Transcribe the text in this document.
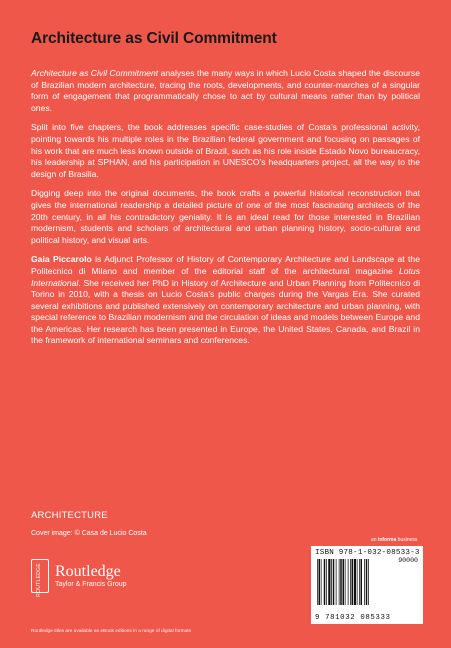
Architecture as Civil Commitment

Architecture as Civil Commitment analyses the many ways in which Lucio Costa shaped the discourse of Brazilian modern architecture, tracing the roots, developments, and counter-marches of a singular form of engagement that programmatically chose to act by cultural means rather than by political ones.

Split into five chapters, the book addresses specific case-studies of Costa’s professional activity, pointing towards his multiple roles in the Brazilian federal government and focusing on passages of his work that are much less known outside of Brazil, such as his role inside Estado Novo bureaucracy, his leadership at SPHAN, and his participation in UNESCO’s headquarters project, all the way to the design of Brasilia.

Digging deep into the original documents, the book crafts a powerful historical reconstruction that gives the international readership a detailed picture of one of the most fascinating architects of the 20th century, in all his contradictory geniality. It is an ideal read for those interested in Brazilian modernism, students and scholars of architectural and urban planning history, socio-cultural and political history, and visual arts.

Gaia Piccarolo is Adjunct Professor of History of Contemporary Architecture and Landscape at the Politecnico di Milano and member of the editorial staff of the architectural magazine Lotus International. She received her PhD in History of Architecture and Urban Planning from Politecnico di Torino in 2010, with a thesis on Lucio Costa’s public charges during the Vargas Era. She curated several exhibitions and published extensively on contemporary architecture and urban planning, with special reference to Brazilian modernism and the circulation of ideas and models between Europe and the Americas. Her research has been presented in Europe, the United States, Canada, and Brazil in the framework of international seminars and conferences.

ARCHITECTURE
Cover image: © Casa de Lucio Costa
ROUTLEDGE Routledge
Taylor & Francis Group
Routledge titles are available as eBook editions in a range of digital formats
an informa business
ISBN 978-1-032-08533-3
90000
9 781032 085333
